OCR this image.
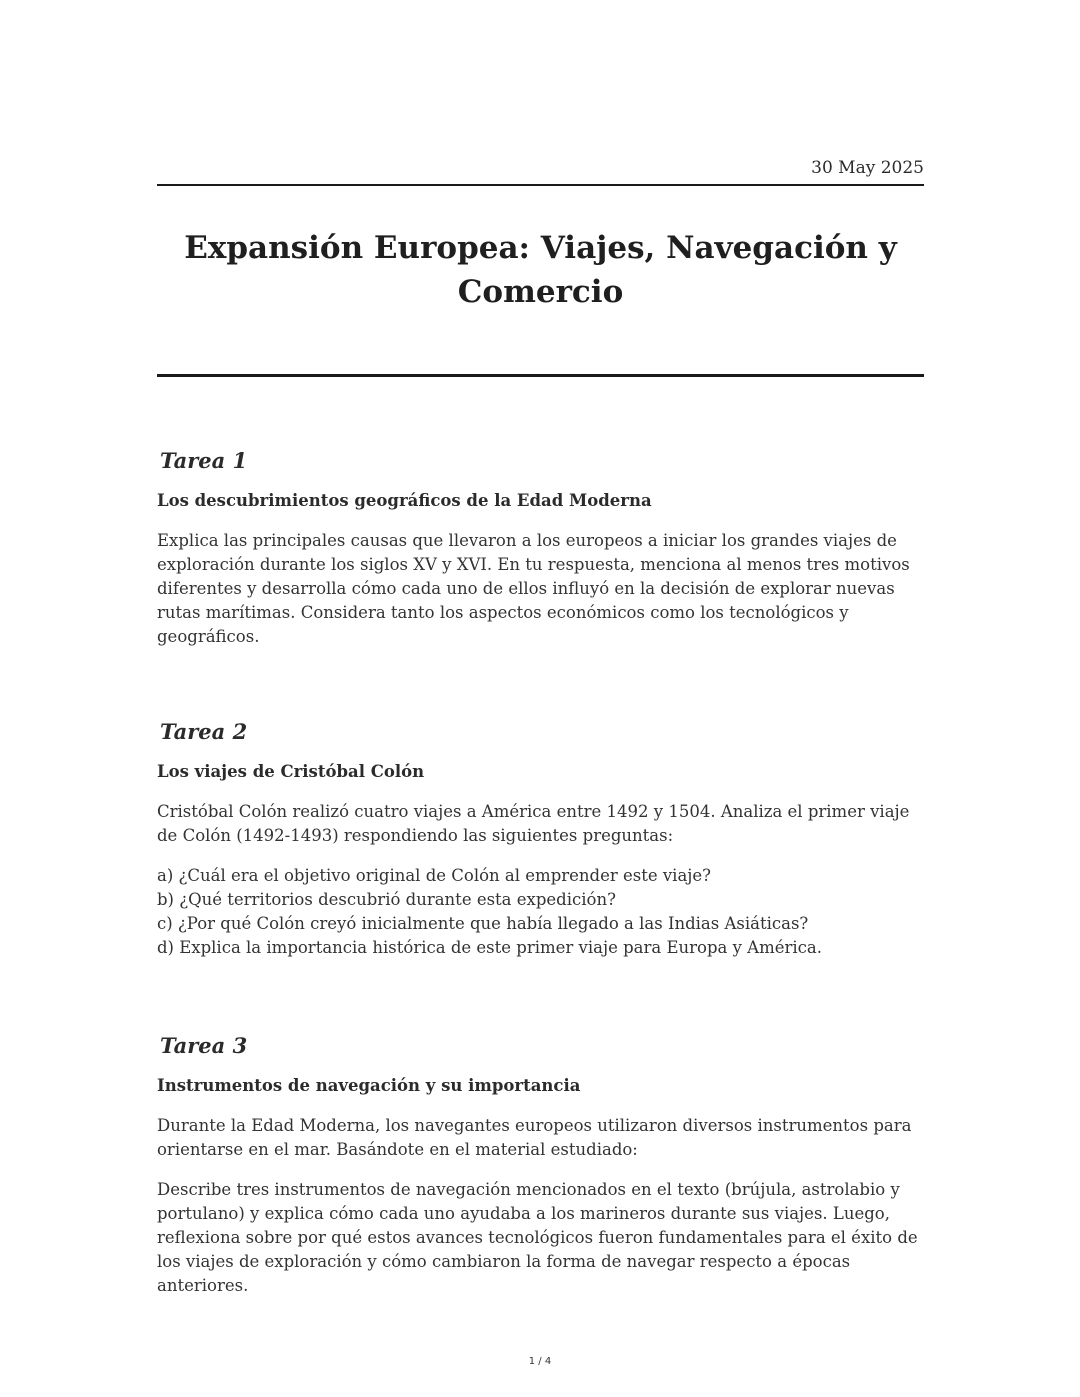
30 May 2025
Expansión Europea: Viajes, Navegación y
Comercio
Tarea 1
Los descubrimientos geográficos de la Edad Moderna

Explica las principales causas que llevaron a los europeos a iniciar los grandes viajes de exploración durante los siglos XV y XVI. En tu respuesta, menciona al menos tres motivos diferentes y desarrolla cómo cada uno de ellos influyó en la decisión de explorar nuevas rutas marítimas. Considera tanto los aspectos económicos como los tecnológicos y geográficos.

Tarea 2
Los viajes de Cristóbal Colón

Cristóbal Colón realizó cuatro viajes a América entre 1492 y 1504. Analiza el primer viaje de Colón (1492-1493) respondiendo las siguientes preguntas:

a) ¿Cuál era el objetivo original de Colón al emprender este viaje?
b) ¿Qué territorios descubrió durante esta expedición?
c) ¿Por qué Colón creyó inicialmente que había llegado a las Indias Asiáticas?
d) Explica la importancia histórica de este primer viaje para Europa y América.
Tarea 3
Instrumentos de navegación y su importancia

Durante la Edad Moderna, los navegantes europeos utilizaron diversos instrumentos para orientarse en el mar. Basándote en el material estudiado:

Describe tres instrumentos de navegación mencionados en el texto (brújula, astrolabio y portulano) y explica cómo cada uno ayudaba a los marineros durante sus viajes. Luego, reflexiona sobre por qué estos avances tecnológicos fueron fundamentales para el éxito de los viajes de exploración y cómo cambiaron la forma de navegar respecto a épocas anteriores.

1 / 4
